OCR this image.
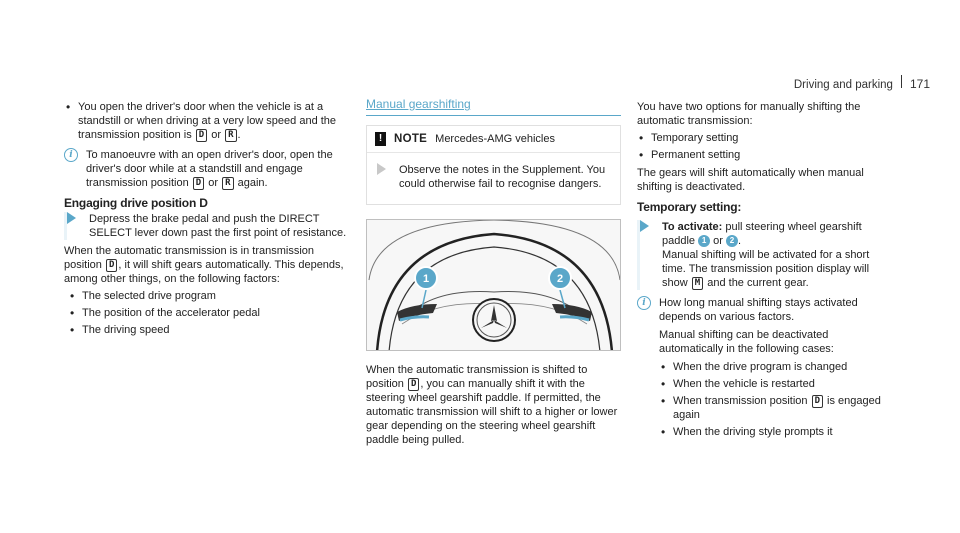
Driving and parking 171
• You open the driver's door when the vehicle is at a standstill or when driving at a very low speed and the transmission position is D or R .
i	To manoeuvre with an open driver's door, open the driver's door while at a standstill and engage transmission position D or R again.
Engaging drive position D
Depress the brake pedal and push the DIRECT SELECT lever down past the first point of resistance.
When the automatic transmission is in transmission position D , it will shift gears automatically. This depends, among other things, on the following factors:
• The selected drive program
• The position of the accelerator pedal
• The driving speed
Manual gearshifting
!	NOTE Mercedes-AMG vehicles
Observe the notes in the Supplement. You could otherwise fail to recognise dangers.
1	2
When the automatic transmission is shifted to position D , you can manually shift it with the steering wheel gearshift paddle. If permitted, the automatic transmission will shift to a higher or lower gear depending on the steering wheel gearshift paddle being pulled.
You have two options for manually shifting the automatic transmission:
• Temporary setting
• Permanent setting
The gears will shift automatically when manual shifting is deactivated.
Temporary setting:
To activate: pull steering wheel gearshift paddle 1 or 2 .
Manual shifting will be activated for a short time. The transmission position display will show M and the current gear.
i	How long manual shifting stays activated depends on various factors.
Manual shifting can be deactivated automatically in the following cases:
• When the drive program is changed
• When the vehicle is restarted
• When transmission position D is engaged again
• When the driving style prompts it
